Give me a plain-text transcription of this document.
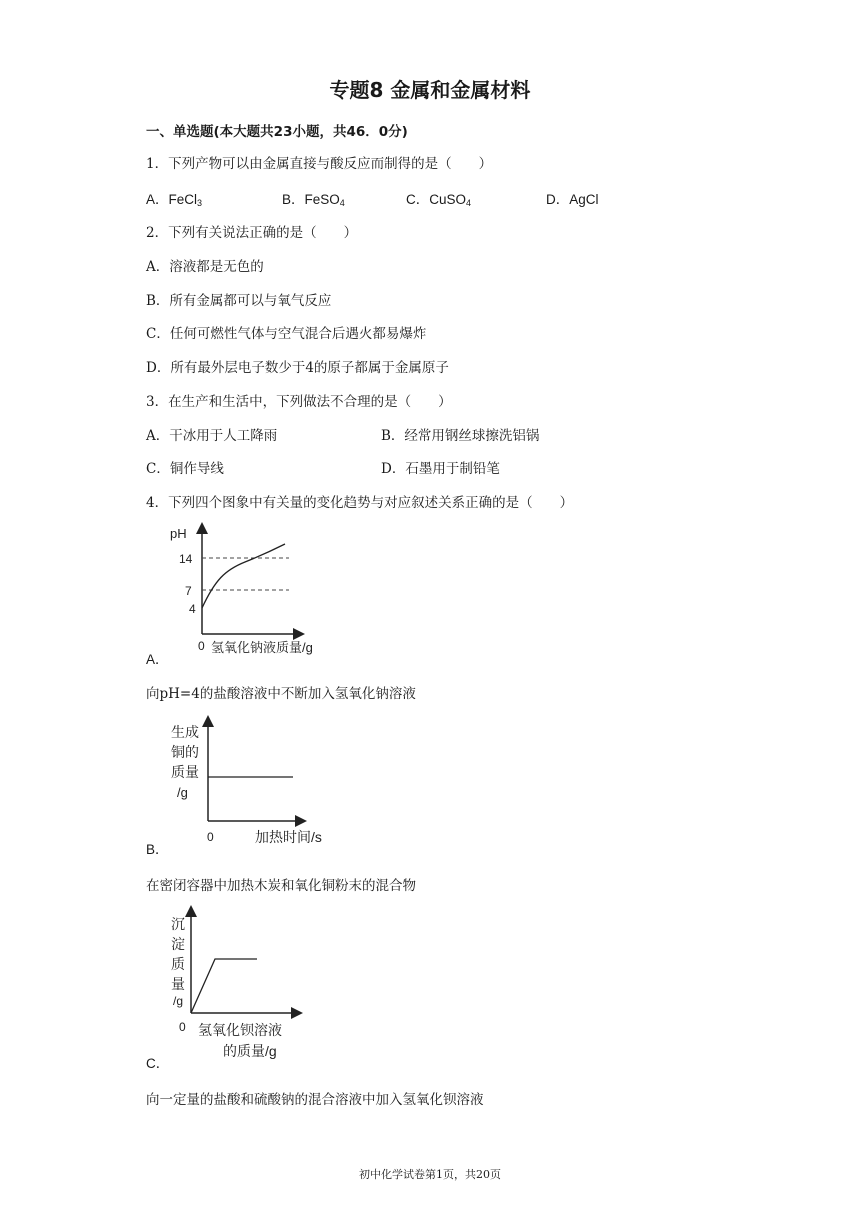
专题8 金属和金属材料
一、单选题(本大题共23小题，共46．0分)
1．下列产物可以由金属直接与酸反应而制得的是（　　）
A．FeCl$_3$	B．FeSO$_4$	C．CuSO$_4$	D．AgCl
2．下列有关说法正确的是（　　）
A．溶液都是无色的
B．所有金属都可以与氧气反应
C．任何可燃性气体与空气混合后遇火都易爆炸
D．所有最外层电子数少于4的原子都属于金属原子
3．在生产和生活中，下列做法不合理的是（　　）
A．干冰用于人工降雨	B．经常用钢丝球擦洗铝锅
C．铜作导线	D．石墨用于制铅笔
4．下列四个图象中有关量的变化趋势与对应叙述关系正确的是（　　）
pH
14
7
4
0 氢氧化钠液质量/g
A．
向pH=4的盐酸溶液中不断加入氢氧化钠溶液
生成
铜的
质量
/g
0	加热时间/s
B．
在密闭容器中加热木炭和氧化铜粉末的混合物
沉
淀
质
量
/g
0 氢氧化钡溶液
的质量/g
C．
向一定量的盐酸和硫酸钠的混合溶液中加入氢氧化钡溶液
初中化学试卷第1页，共20页
